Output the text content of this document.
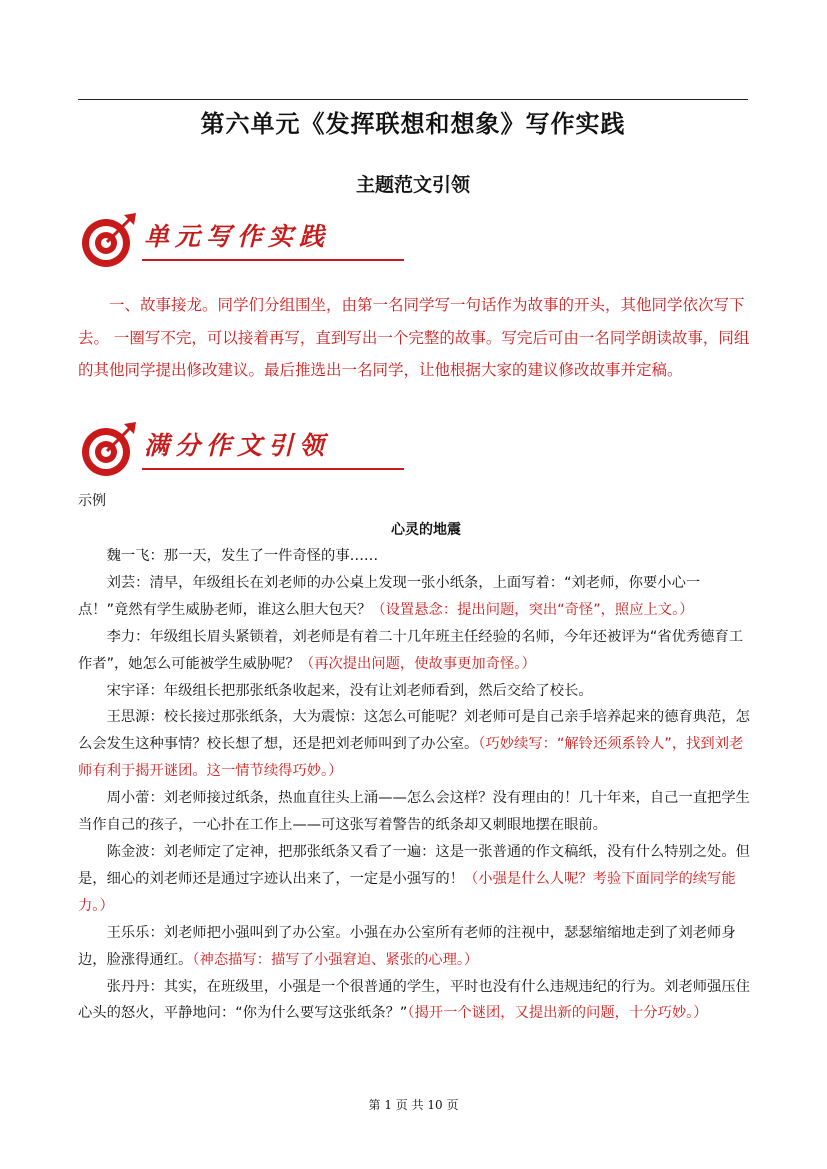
第六单元《发挥联想和想象》写作实践
主题范文引领
单元写作实践
一、故事接龙。同学们分组围坐，由第一名同学写一句话作为故事的开头，其他同学依次写下去。 一圈写不完，可以接着再写，直到写出一个完整的故事。写完后可由一名同学朗读故事，同组的其他同学提出修改建议。最后推选出一名同学，让他根据大家的建议修改故事并定稿。
满分作文引领
示例
心灵的地震

魏一飞：那一天，发生了一件奇怪的事……

刘芸：清早，年级组长在刘老师的办公桌上发现一张小纸条，上面写着：“刘老师，你要小心一点！”竟然有学生威胁老师，谁这么胆大包天？（设置悬念：提出问题，突出“奇怪”，照应上文。）

李力：年级组长眉头紧锁着，刘老师是有着二十几年班主任经验的名师，今年还被评为“省优秀德育工作者”，她怎么可能被学生威胁呢？（再次提出问题，使故事更加奇怪。）

宋宇译：年级组长把那张纸条收起来，没有让刘老师看到，然后交给了校长。

王思源：校长接过那张纸条，大为震惊：这怎么可能呢？刘老师可是自己亲手培养起来的德育典范，怎么会发生这种事情？校长想了想，还是把刘老师叫到了办公室。（巧妙续写：“解铃还须系铃人”，找到刘老师有利于揭开谜团。这一情节续得巧妙。）

周小蕾：刘老师接过纸条，热血直往头上涌——怎么会这样？没有理由的！几十年来，自己一直把学生当作自己的孩子，一心扑在工作上——可这张写着警告的纸条却又刺眼地摆在眼前。

陈金波：刘老师定了定神，把那张纸条又看了一遍：这是一张普通的作文稿纸，没有什么特别之处。但是，细心的刘老师还是通过字迹认出来了，一定是小强写的！（小强是什么人呢？考验下面同学的续写能力。）

王乐乐：刘老师把小强叫到了办公室。小强在办公室所有老师的注视中，瑟瑟缩缩地走到了刘老师身边，脸涨得通红。（神态描写：描写了小强窘迫、紧张的心理。）

张丹丹：其实，在班级里，小强是一个很普通的学生，平时也没有什么违规违纪的行为。刘老师强压住心头的怒火，平静地问：“你为什么要写这张纸条？”（揭开一个谜团，又提出新的问题，十分巧妙。）

第 1 页 共 10 页
